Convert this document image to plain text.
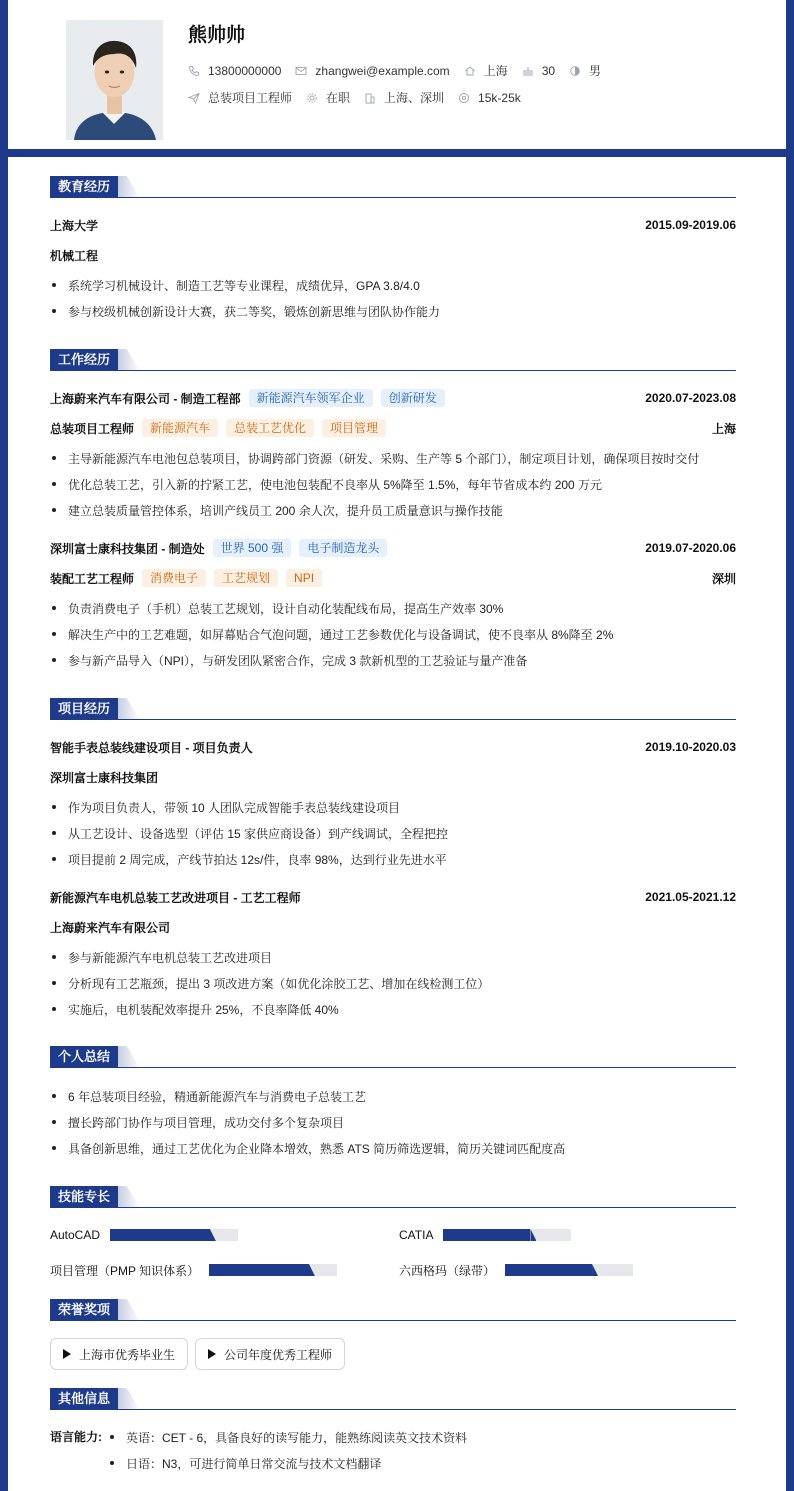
熊帅帅
13800000000	zhangwei@example.com	上海	30	男
总装项目工程师	在职	上海、深圳	15k-25k
教育经历
上海大学	2015.09-2019.06
机械工程
系统学习机械设计、制造工艺等专业课程，成绩优异，GPA 3.8/4.0
参与校级机械创新设计大赛，获二等奖，锻炼创新思维与团队协作能力
工作经历
上海蔚来汽车有限公司 - 制造工程部	新能源汽车领军企业	创新研发	2020.07-2023.08
总装项目工程师	新能源汽车	总装工艺优化	项目管理	上海
主导新能源汽车电池包总装项目，协调跨部门资源（研发、采购、生产等 5 个部门），制定项目计划，确保项目按时交付
优化总装工艺，引入新的拧紧工艺，使电池包装配不良率从 5%降至 1.5%，每年节省成本约 200 万元
建立总装质量管控体系，培训产线员工 200 余人次，提升员工质量意识与操作技能
深圳富士康科技集团 - 制造处	世界 500 强	电子制造龙头	2019.07-2020.06
装配工艺工程师	消费电子	工艺规划	NPI	深圳
负责消费电子（手机）总装工艺规划，设计自动化装配线布局，提高生产效率 30%
解决生产中的工艺难题，如屏幕贴合气泡问题，通过工艺参数优化与设备调试，使不良率从 8%降至 2%
参与新产品导入（NPI），与研发团队紧密合作，完成 3 款新机型的工艺验证与量产准备
项目经历
智能手表总装线建设项目 - 项目负责人	2019.10-2020.03
深圳富士康科技集团
作为项目负责人，带领 10 人团队完成智能手表总装线建设项目
从工艺设计、设备选型（评估 15 家供应商设备）到产线调试，全程把控
项目提前 2 周完成，产线节拍达 12s/件，良率 98%，达到行业先进水平
新能源汽车电机总装工艺改进项目 - 工艺工程师	2021.05-2021.12
上海蔚来汽车有限公司
参与新能源汽车电机总装工艺改进项目
分析现有工艺瓶颈，提出 3 项改进方案（如优化涂胶工艺、增加在线检测工位）
实施后，电机装配效率提升 25%，不良率降低 40%
个人总结
6 年总装项目经验，精通新能源汽车与消费电子总装工艺
擅长跨部门协作与项目管理，成功交付多个复杂项目
具备创新思维，通过工艺优化为企业降本增效，熟悉 ATS 简历筛选逻辑，简历关键词匹配度高
技能专长
AutoCAD	CATIA
项目管理（PMP 知识体系）	六西格玛（绿带）
荣誉奖项
上海市优秀毕业生	公司年度优秀工程师
其他信息
语言能力:	英语：CET - 6，具备良好的读写能力，能熟练阅读英文技术资料
日语：N3，可进行简单日常交流与技术文档翻译
